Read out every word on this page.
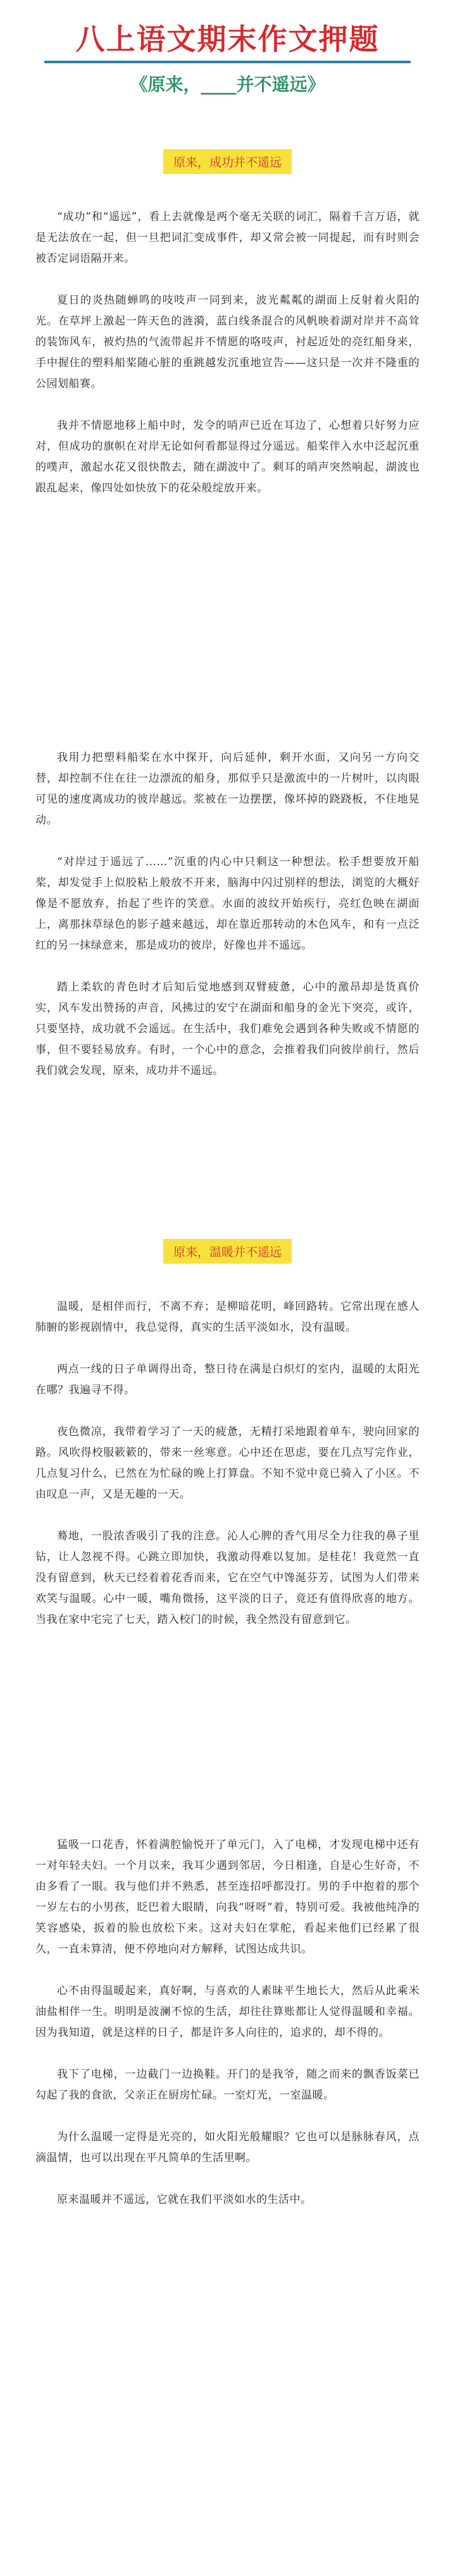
八上语文期末作文押题
《原来，____并不遥远》
原来，成功并不遥远

“成功”和“遥远”，看上去就像是两个毫无关联的词汇，隔着千言万语，就是无法放在一起，但一旦把词汇变成事件，却又常会被一同提起，而有时则会被否定词语隔开来。

夏日的炎热随蝉鸣的吱吱声一同到来，波光粼粼的湖面上反射着火阳的光。在草坪上激起一阵天色的涟漪，蓝白线条混合的风帆映着湖对岸并不高耸的装饰风车，被灼热的气流带起并不情愿的咯吱声，衬起近处的亮红船身来，手中握住的塑料船桨随心脏的重跳越发沉重地宣告——这只是一次并不隆重的公园划船赛。

我并不情愿地移上船中时，发令的哨声已近在耳边了，心想着只好努力应对，但成功的旗帜在对岸无论如何看都显得过分遥远。船桨伴入水中泛起沉重的噗声，激起水花又很快散去，随在湖波中了。剩耳的哨声突然响起，湖波也跟乱起来，像四处如快放下的花朵般绽放开来。

我用力把塑料船桨在水中探开，向后延伸，剩开水面，又向另一方向交替，却控制不住在往一边漂流的船身，那似乎只是激流中的一片树叶，以肉眼可见的速度离成功的彼岸越远。浆被在一边摆摆，像坏掉的跷跷板，不住地晃动。

“对岸过于遥远了……”沉重的内心中只剩这一种想法。松手想要放开船桨，却发觉手上似胶粘上般放不开来，脑海中闪过别样的想法，浏览的大概好像是不愿放弃，抬起了些许的笑意。水面的波纹开始疾行，亮红色映在湖面上，离那抹草绿色的影子越来越远，却在靠近那转动的木色风车，和有一点泛红的另一抹绿意来，那是成功的彼岸，好像也并不遥远。

踏上柔软的青色时才后知后觉地感到双臂疲惫，心中的激昂却是货真价实，风车发出赞扬的声音，风拂过的安宁在湖面和船身的金光下突亮，或许，只要坚持，成功就不会遥远。在生活中，我们难免会遇到各种失败或不情愿的事，但不要轻易放弃。有时，一个心中的意念，会推着我们向彼岸前行，然后我们就会发现，原来，成功并不遥远。

原来，温暖并不遥远

温暖，是相伴而行，不离不弃；是柳暗花明，峰回路转。它常出现在感人肺腑的影视剧情中，我总觉得，真实的生活平淡如水，没有温暖。

两点一线的日子单调得出奇，整日待在满是白炽灯的室内，温暖的太阳光在哪？我遍寻不得。

夜色微凉，我带着学习了一天的疲惫，无精打采地跟着单车，驶向回家的路。风吹得校服簌簌的，带来一丝寒意。心中还在思虑，要在几点写完作业，几点复习什么，已然在为忙碌的晚上打算盘。不知不觉中竟已骑入了小区。不由叹息一声，又是无趣的一天。

蓦地，一股浓香吸引了我的注意。沁人心脾的香气用尽全力往我的鼻子里钻，让人忽视不得。心跳立即加快，我激动得难以复加。是桂花！我竟然一直没有留意到，秋天已经着着花香而来，它在空气中馋涎芬芳，试图为人们带来欢笑与温暖。心中一暖，嘴角微扬，这平淡的日子，竟还有值得欣喜的地方。当我在家中宅完了七天，踏入校门的时候，我全然没有留意到它。

猛吸一口花香，怀着满腔愉悦开了单元门，入了电梯，才发现电梯中还有一对年轻夫妇。一个月以来，我耳少遇到邻居，今日相逢，自是心生好奇，不由多看了一眼。我与他们并不熟悉，甚至连招呼都没打。男的手中抱着的那个一岁左右的小男孩，眨巴着大眼睛，向我“呀呀”着，特别可爱。我被他纯净的笑容感染，扳着的脸也放松下来。这对夫妇在掌舵，看起来他们已经累了很久，一直未算清，便不停地向对方解释，试图达成共识。

心不由得温暖起来，真好啊，与喜欢的人素昧平生地长大，然后从此乘米油盐相伴一生。明明是波澜不惊的生活，却往往算账都让人觉得温暖和幸福。因为我知道，就是这样的日子，都是许多人向往的，追求的，却不得的。

我下了电梯，一边截门一边换鞋。开门的是我爷，随之而来的飘香饭菜已勾起了我的食欲，父亲正在厨房忙碌。一室灯光，一室温暖。

为什么温暖一定得是光亮的，如火阳光般耀眼？它也可以是脉脉春风，点滴温情，也可以出现在平凡简单的生活里啊。

原来温暖并不遥远，它就在我们平淡如水的生活中。
